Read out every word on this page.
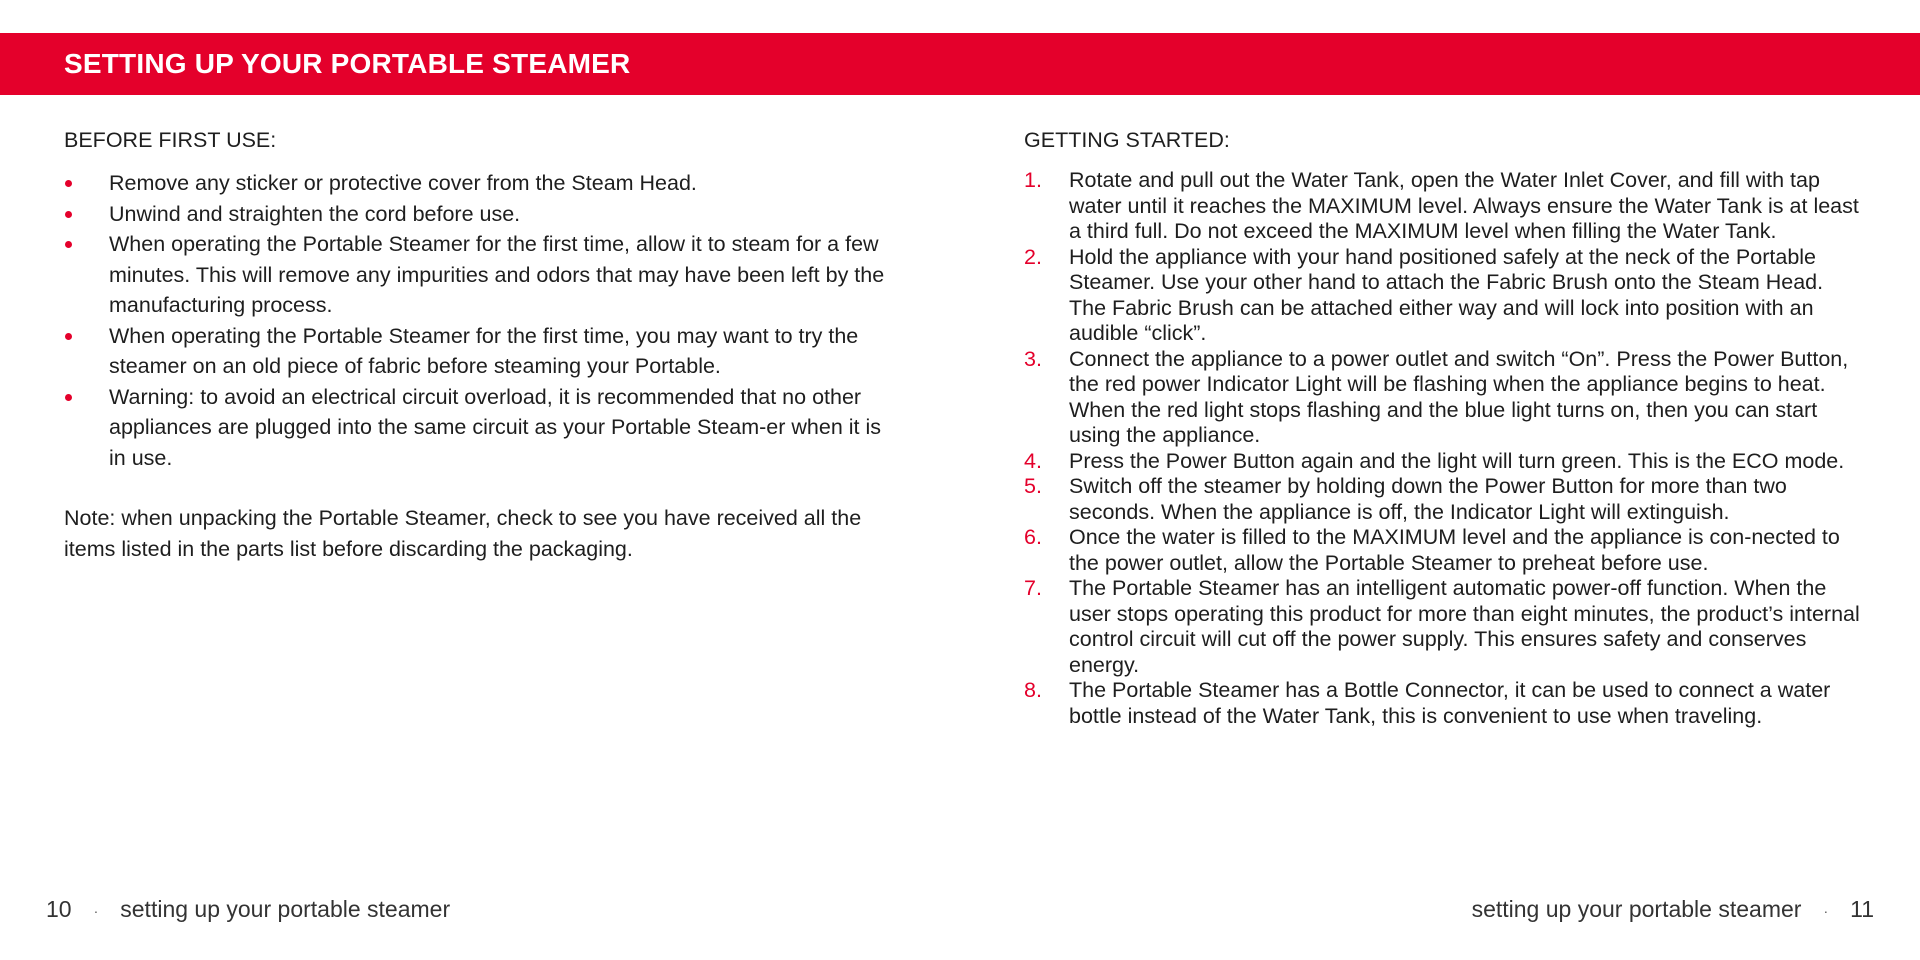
SETTING UP YOUR PORTABLE STEAMER
BEFORE FIRST USE:
Remove any sticker or protective cover from the Steam Head.
Unwind and straighten the cord before use.
When operating the Portable Steamer for the first time, allow it to steam for a few minutes. This will remove any impurities and odors that may have been left by the manufacturing process.
When operating the Portable Steamer for the first time, you may want to try the steamer on an old piece of fabric before steaming your Portable.
Warning: to avoid an electrical circuit overload, it is recommended that no other appliances are plugged into the same circuit as your Portable Steam-er when it is in use.
Note: when unpacking the Portable Steamer, check to see you have received all the items listed in the parts list before discarding the packaging.
GETTING STARTED:
1. Rotate and pull out the Water Tank, open the Water Inlet Cover, and fill with tap water until it reaches the MAXIMUM level. Always ensure the Water Tank is at least a third full. Do not exceed the MAXIMUM level when filling the Water Tank.
2. Hold the appliance with your hand positioned safely at the neck of the Portable Steamer. Use your other hand to attach the Fabric Brush onto the Steam Head. The Fabric Brush can be attached either way and will lock into position with an audible “click”.
3. Connect the appliance to a power outlet and switch “On”. Press the Power Button, the red power Indicator Light will be flashing when the appliance begins to heat. When the red light stops flashing and the blue light turns on, then you can start using the appliance.
4. Press the Power Button again and the light will turn green. This is the ECO mode.
5. Switch off the steamer by holding down the Power Button for more than two seconds. When the appliance is off, the Indicator Light will extinguish.
6. Once the water is filled to the MAXIMUM level and the appliance is con-nected to the power outlet, allow the Portable Steamer to preheat before use.
7. The Portable Steamer has an intelligent automatic power-off function. When the user stops operating this product for more than eight minutes, the product’s internal control circuit will cut off the power supply. This ensures safety and conserves energy.
8. The Portable Steamer has a Bottle Connector, it can be used to connect a water bottle instead of the Water Tank, this is convenient to use when traveling.
10 · setting up your portable steamer	setting up your portable steamer · 11
